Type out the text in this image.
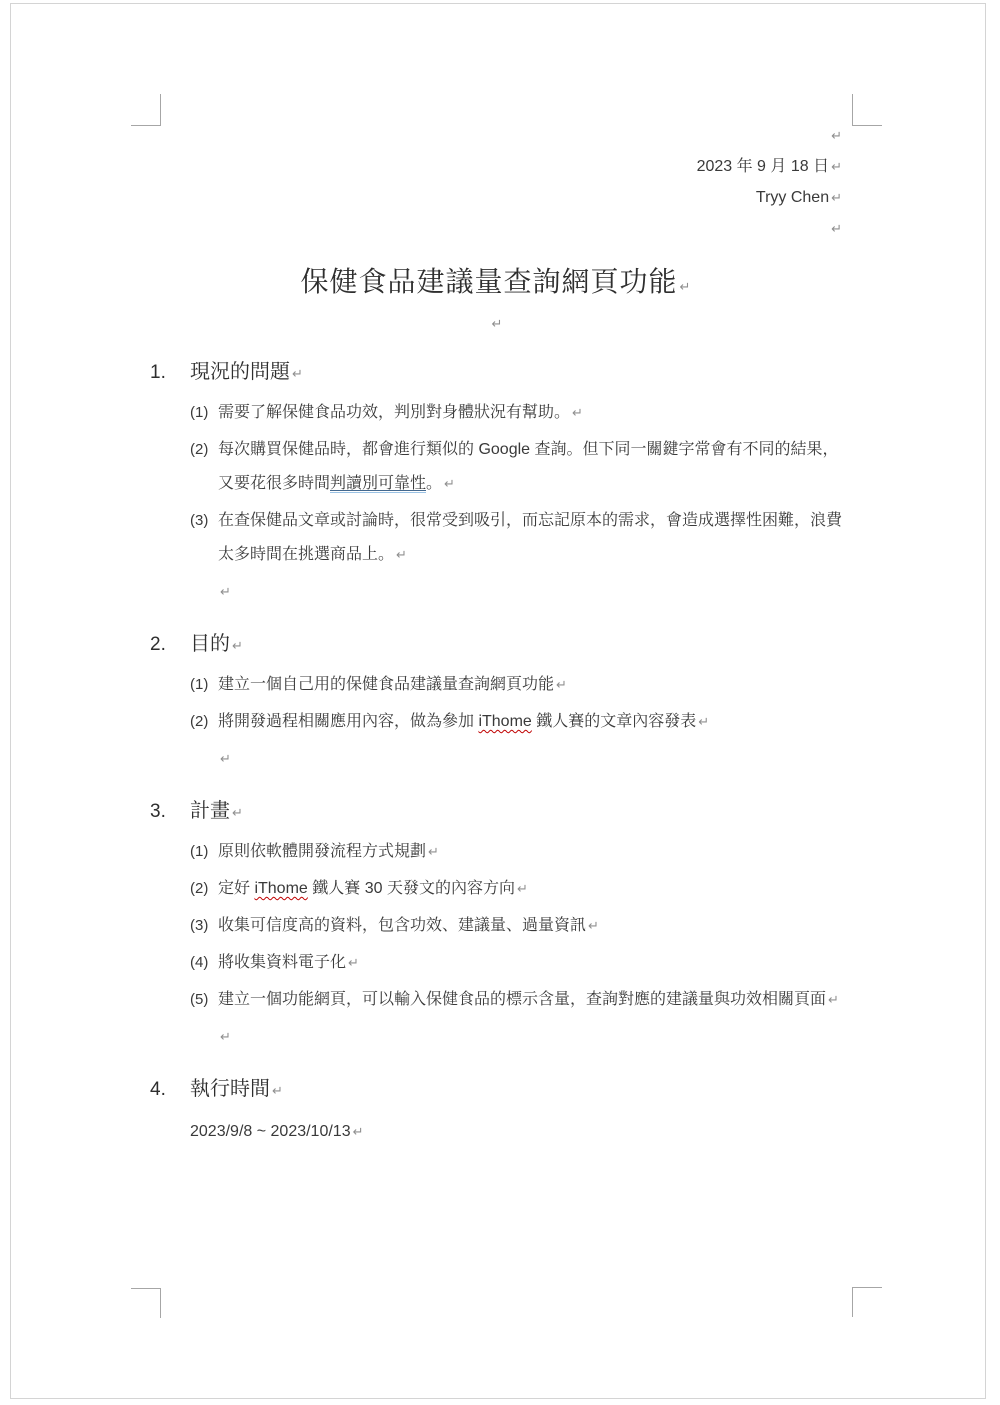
↵

2023 年 9 月 18 日 ↵

Tryy Chen ↵

↵

保健食品建議量查詢網頁功能 ↵

↵

1.	現況的問題 ↵
(1) 需要了解保健食品功效，判別對身體狀況有幫助。 ↵
(2) 每次購買保健品時，都會進行類似的 Google 查詢。但下同一關鍵字常會有不同的結果，又要花很多時間判讀別可靠性。 ↵
(3) 在查保健品文章或討論時，很常受到吸引，而忘記原本的需求，會造成選擇性困難，浪費太多時間在挑選商品上。 ↵
↵
2.	目的 ↵
(1) 建立一個自己用的保健食品建議量查詢網頁功能 ↵
(2) 將開發過程相關應用內容，做為參加 iThome 鐵人賽的文章內容發表 ↵
↵
3.	計畫 ↵
(1) 原則依軟體開發流程方式規劃 ↵
(2) 定好 iThome 鐵人賽 30 天發文的內容方向 ↵
(3) 收集可信度高的資料，包含功效、建議量、過量資訊 ↵
(4) 將收集資料電子化 ↵
(5) 建立一個功能網頁，可以輸入保健食品的標示含量，查詢對應的建議量與功效相關頁面 ↵
↵
4.	執行時間 ↵
2023/9/8 ~ 2023/10/13 ↵
